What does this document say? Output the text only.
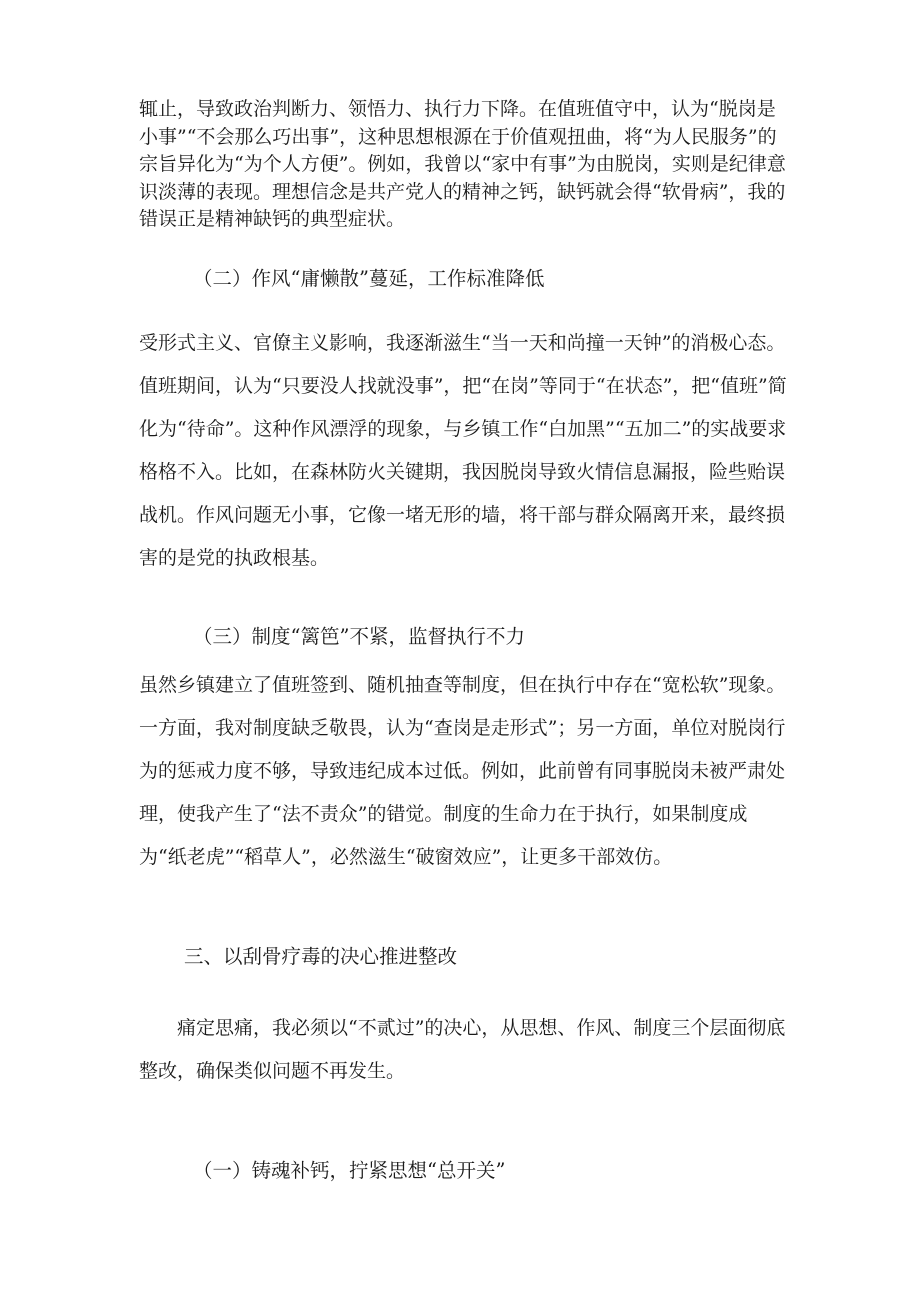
辄止，导致政治判断力、领悟力、执行力下降。在值班值守中，认为“脱岗是小事”“不会那么巧出事”，这种思想根源在于价值观扭曲，将“为人民服务”的宗旨异化为“为个人方便”。例如，我曾以“家中有事”为由脱岗，实则是纪律意识淡薄的表现。理想信念是共产党人的精神之钙，缺钙就会得“软骨病”，我的错误正是精神缺钙的典型症状。

（二）作风“庸懒散”蔓延，工作标准降低

受形式主义、官僚主义影响，我逐渐滋生“当一天和尚撞一天钟”的消极心态。值班期间，认为“只要没人找就没事”，把“在岗”等同于“在状态”，把“值班”简化为“待命”。这种作风漂浮的现象，与乡镇工作“白加黑”“五加二”的实战要求格格不入。比如，在森林防火关键期，我因脱岗导致火情信息漏报，险些贻误战机。作风问题无小事，它像一堵无形的墙，将干部与群众隔离开来，最终损害的是党的执政根基。

（三）制度“篱笆”不紧，监督执行不力

虽然乡镇建立了值班签到、随机抽查等制度，但在执行中存在“宽松软”现象。一方面，我对制度缺乏敬畏，认为“查岗是走形式”；另一方面，单位对脱岗行为的惩戒力度不够，导致违纪成本过低。例如，此前曾有同事脱岗未被严肃处理，使我产生了“法不责众”的错觉。制度的生命力在于执行，如果制度成为“纸老虎”“稻草人”，必然滋生“破窗效应”，让更多干部效仿。

三、以刮骨疗毒的决心推进整改

痛定思痛，我必须以“不贰过”的决心，从思想、作风、制度三个层面彻底整改，确保类似问题不再发生。

（一）铸魂补钙，拧紧思想“总开关”
